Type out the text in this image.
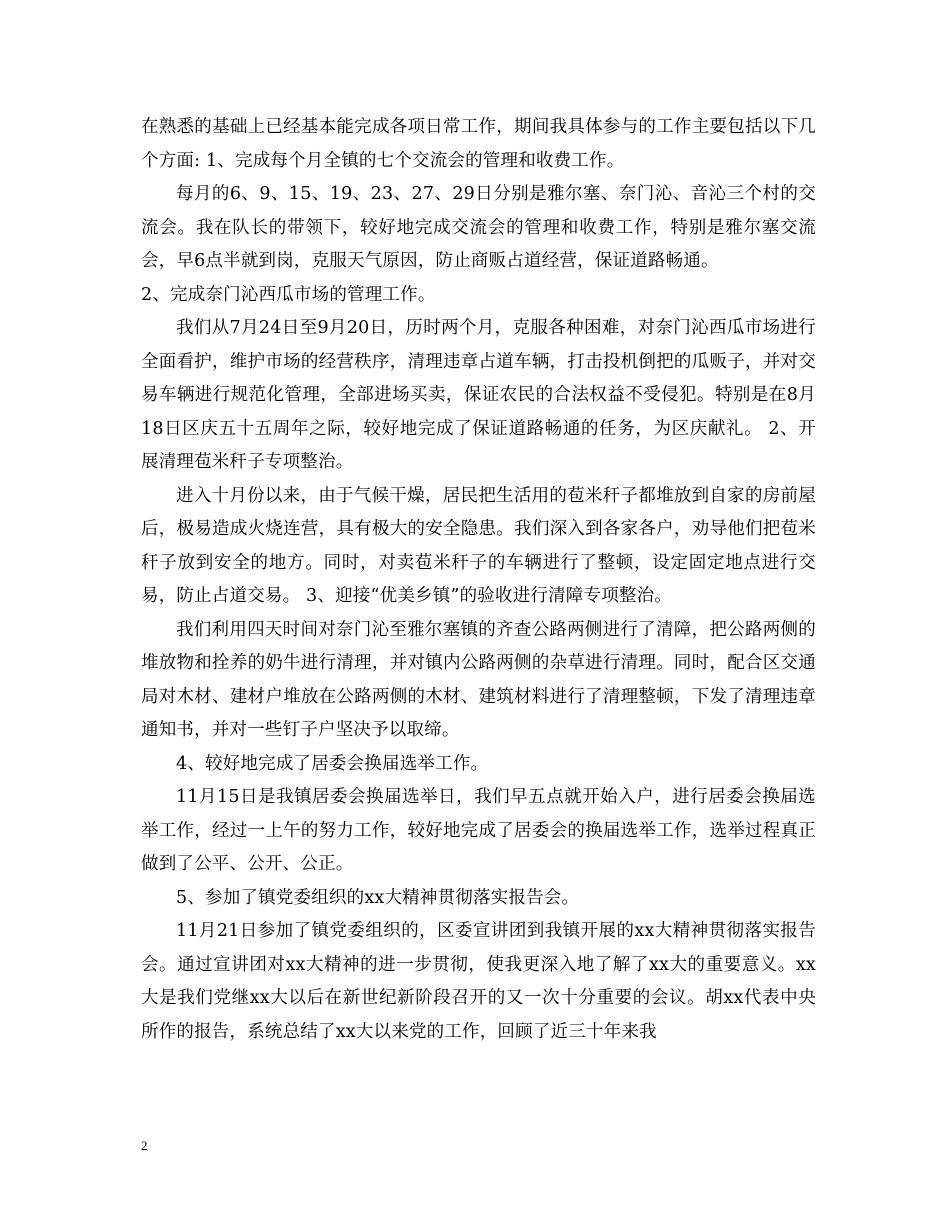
在熟悉的基础上已经基本能完成各项日常工作，期间我具体参与的工作主要包括以下几个方面: 1、完成每个月全镇的七个交流会的管理和收费工作。

每月的6、9、15、19、23、27、29日分别是雅尔塞、奈门沁、音沁三个村的交流会。我在队长的带领下，较好地完成交流会的管理和收费工作，特别是雅尔塞交流会，早6点半就到岗，克服天气原因，防止商贩占道经营，保证道路畅通。

2、完成奈门沁西瓜市场的管理工作。

我们从7月24日至9月20日，历时两个月，克服各种困难，对奈门沁西瓜市场进行全面看护，维护市场的经营秩序，清理违章占道车辆，打击投机倒把的瓜贩子，并对交易车辆进行规范化管理，全部进场买卖，保证农民的合法权益不受侵犯。特别是在8月18日区庆五十五周年之际，较好地完成了保证道路畅通的任务，为区庆献礼。 2、开展清理苞米秆子专项整治。

进入十月份以来，由于气候干燥，居民把生活用的苞米秆子都堆放到自家的房前屋后，极易造成火烧连营，具有极大的安全隐患。我们深入到各家各户，劝导他们把苞米秆子放到安全的地方。同时，对卖苞米秆子的车辆进行了整顿，设定固定地点进行交易，防止占道交易。 3、迎接“优美乡镇”的验收进行清障专项整治。

我们利用四天时间对奈门沁至雅尔塞镇的齐查公路两侧进行了清障，把公路两侧的堆放物和拴养的奶牛进行清理，并对镇内公路两侧的杂草进行清理。同时，配合区交通局对木材、建材户堆放在公路两侧的木材、建筑材料进行了清理整顿，下发了清理违章通知书，并对一些钉子户坚决予以取缔。

4、较好地完成了居委会换届选举工作。

11月15日是我镇居委会换届选举日，我们早五点就开始入户，进行居委会换届选举工作，经过一上午的努力工作，较好地完成了居委会的换届选举工作，选举过程真正做到了公平、公开、公正。

5、参加了镇党委组织的xx大精神贯彻落实报告会。

11月21日参加了镇党委组织的，区委宣讲团到我镇开展的xx大精神贯彻落实报告会。通过宣讲团对xx大精神的进一步贯彻，使我更深入地了解了xx大的重要意义。xx大是我们党继xx大以后在新世纪新阶段召开的又一次十分重要的会议。胡xx代表中央所作的报告，系统总结了xx大以来党的工作，回顾了近三十年来我

2
